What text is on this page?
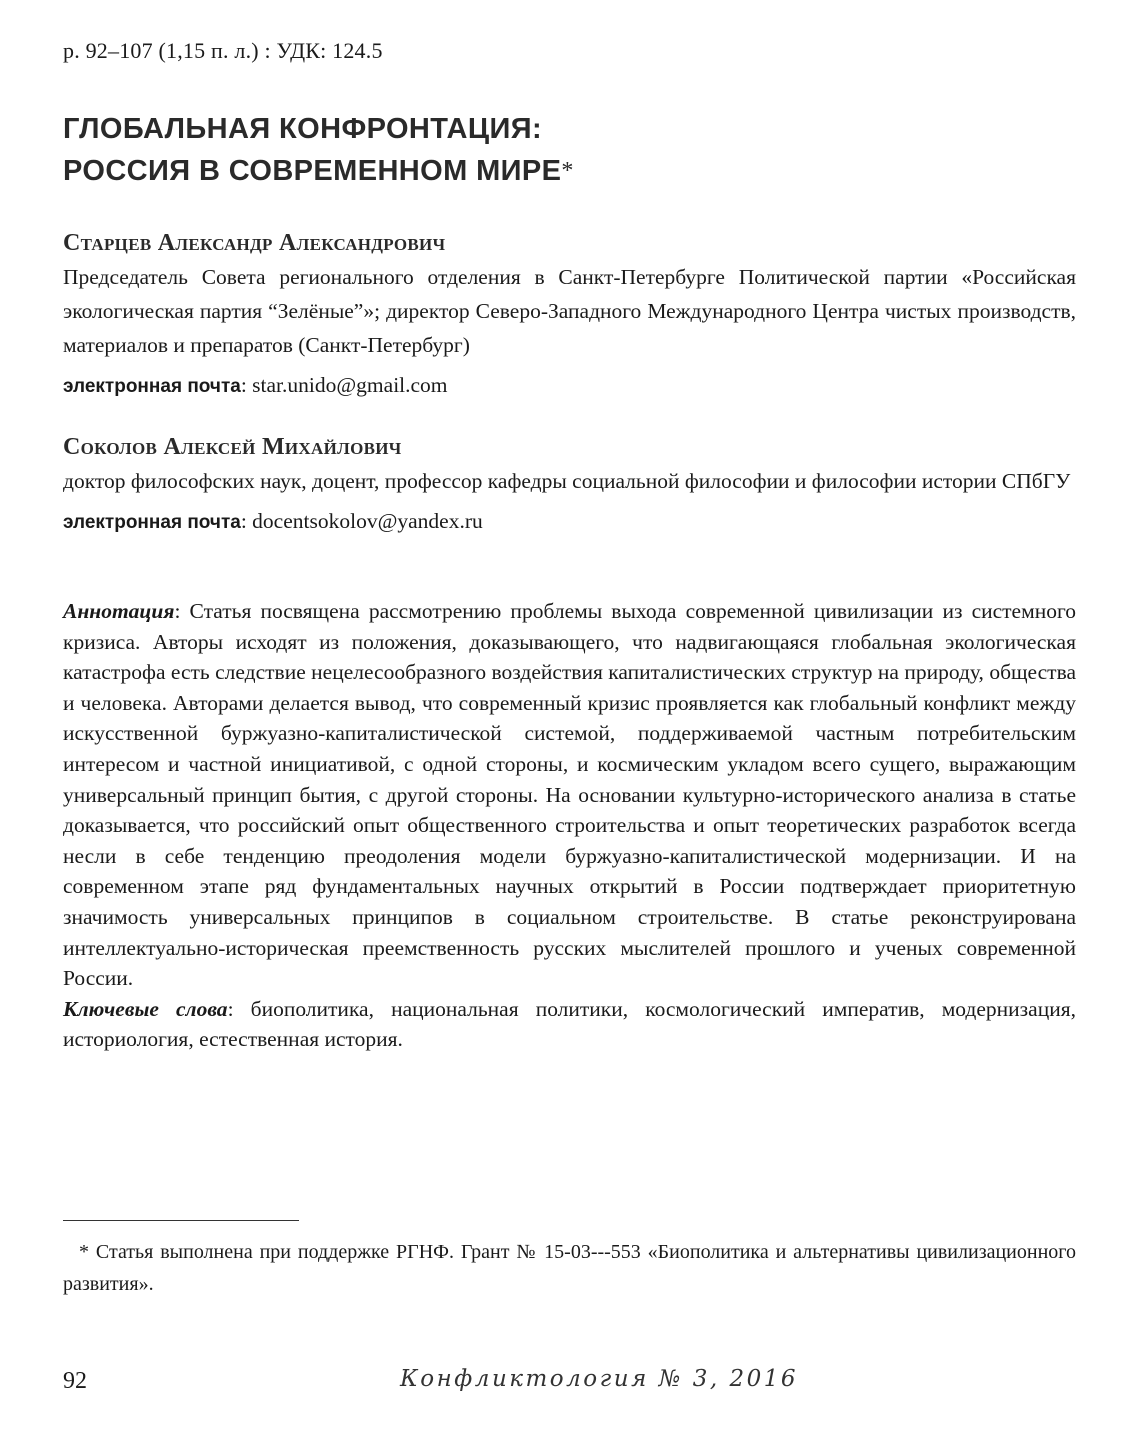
р. 92–107 (1,15 п. л.) : УДК: 124.5
ГЛОБАЛЬНАЯ КОНФРОНТАЦИЯ:
РОССИЯ В СОВРЕМЕННОМ МИРЕ*
Старцев Александр Александрович
Председатель Совета регионального отделения в Санкт-Петербурге Политической партии «Российская экологическая партия “Зелёные”»; директор Северо-Западного Международного Центра чистых производств, материалов и препаратов (Санкт-Петербург)
электронная почта: star.unido@gmail.com
Соколов Алексей Михайлович
доктор философских наук, доцент, профессор кафедры социальной философии и философии истории СПбГУ
электронная почта: docentsokolov@yandex.ru

Аннотация: Статья посвящена рассмотрению проблемы выхода современной цивилизации из системного кризиса. Авторы исходят из положения, доказывающего, что надвигающаяся глобальная экологическая катастрофа есть следствие нецелесообразного воздействия капиталистических структур на природу, общества и человека. Авторами делается вывод, что современный кризис проявляется как глобальный конфликт между искусственной буржуазно-капиталистической системой, поддерживаемой частным потребительским интересом и частной инициативой, с одной стороны, и космическим укладом всего сущего, выражающим универсальный принцип бытия, с другой стороны. На основании культурно-исторического анализа в статье доказывается, что российский опыт общественного строительства и опыт теоретических разработок всегда несли в себе тенденцию преодоления модели буржуазно-капиталистической модернизации. И на современном этапе ряд фундаментальных научных открытий в России подтверждает приоритетную значимость универсальных принципов в социальном строительстве. В статье реконструирована интеллектуально-историческая преемственность русских мыслителей прошлого и ученых современной России.

Ключевые слова: биополитика, национальная политики, космологический императив, модернизация, историология, естественная история.

* Статья выполнена при поддержке РГНФ. Грант № 15-03---553 «Биополитика и альтернативы цивилизационного развития».
92	Конфликтология № 3, 2016
